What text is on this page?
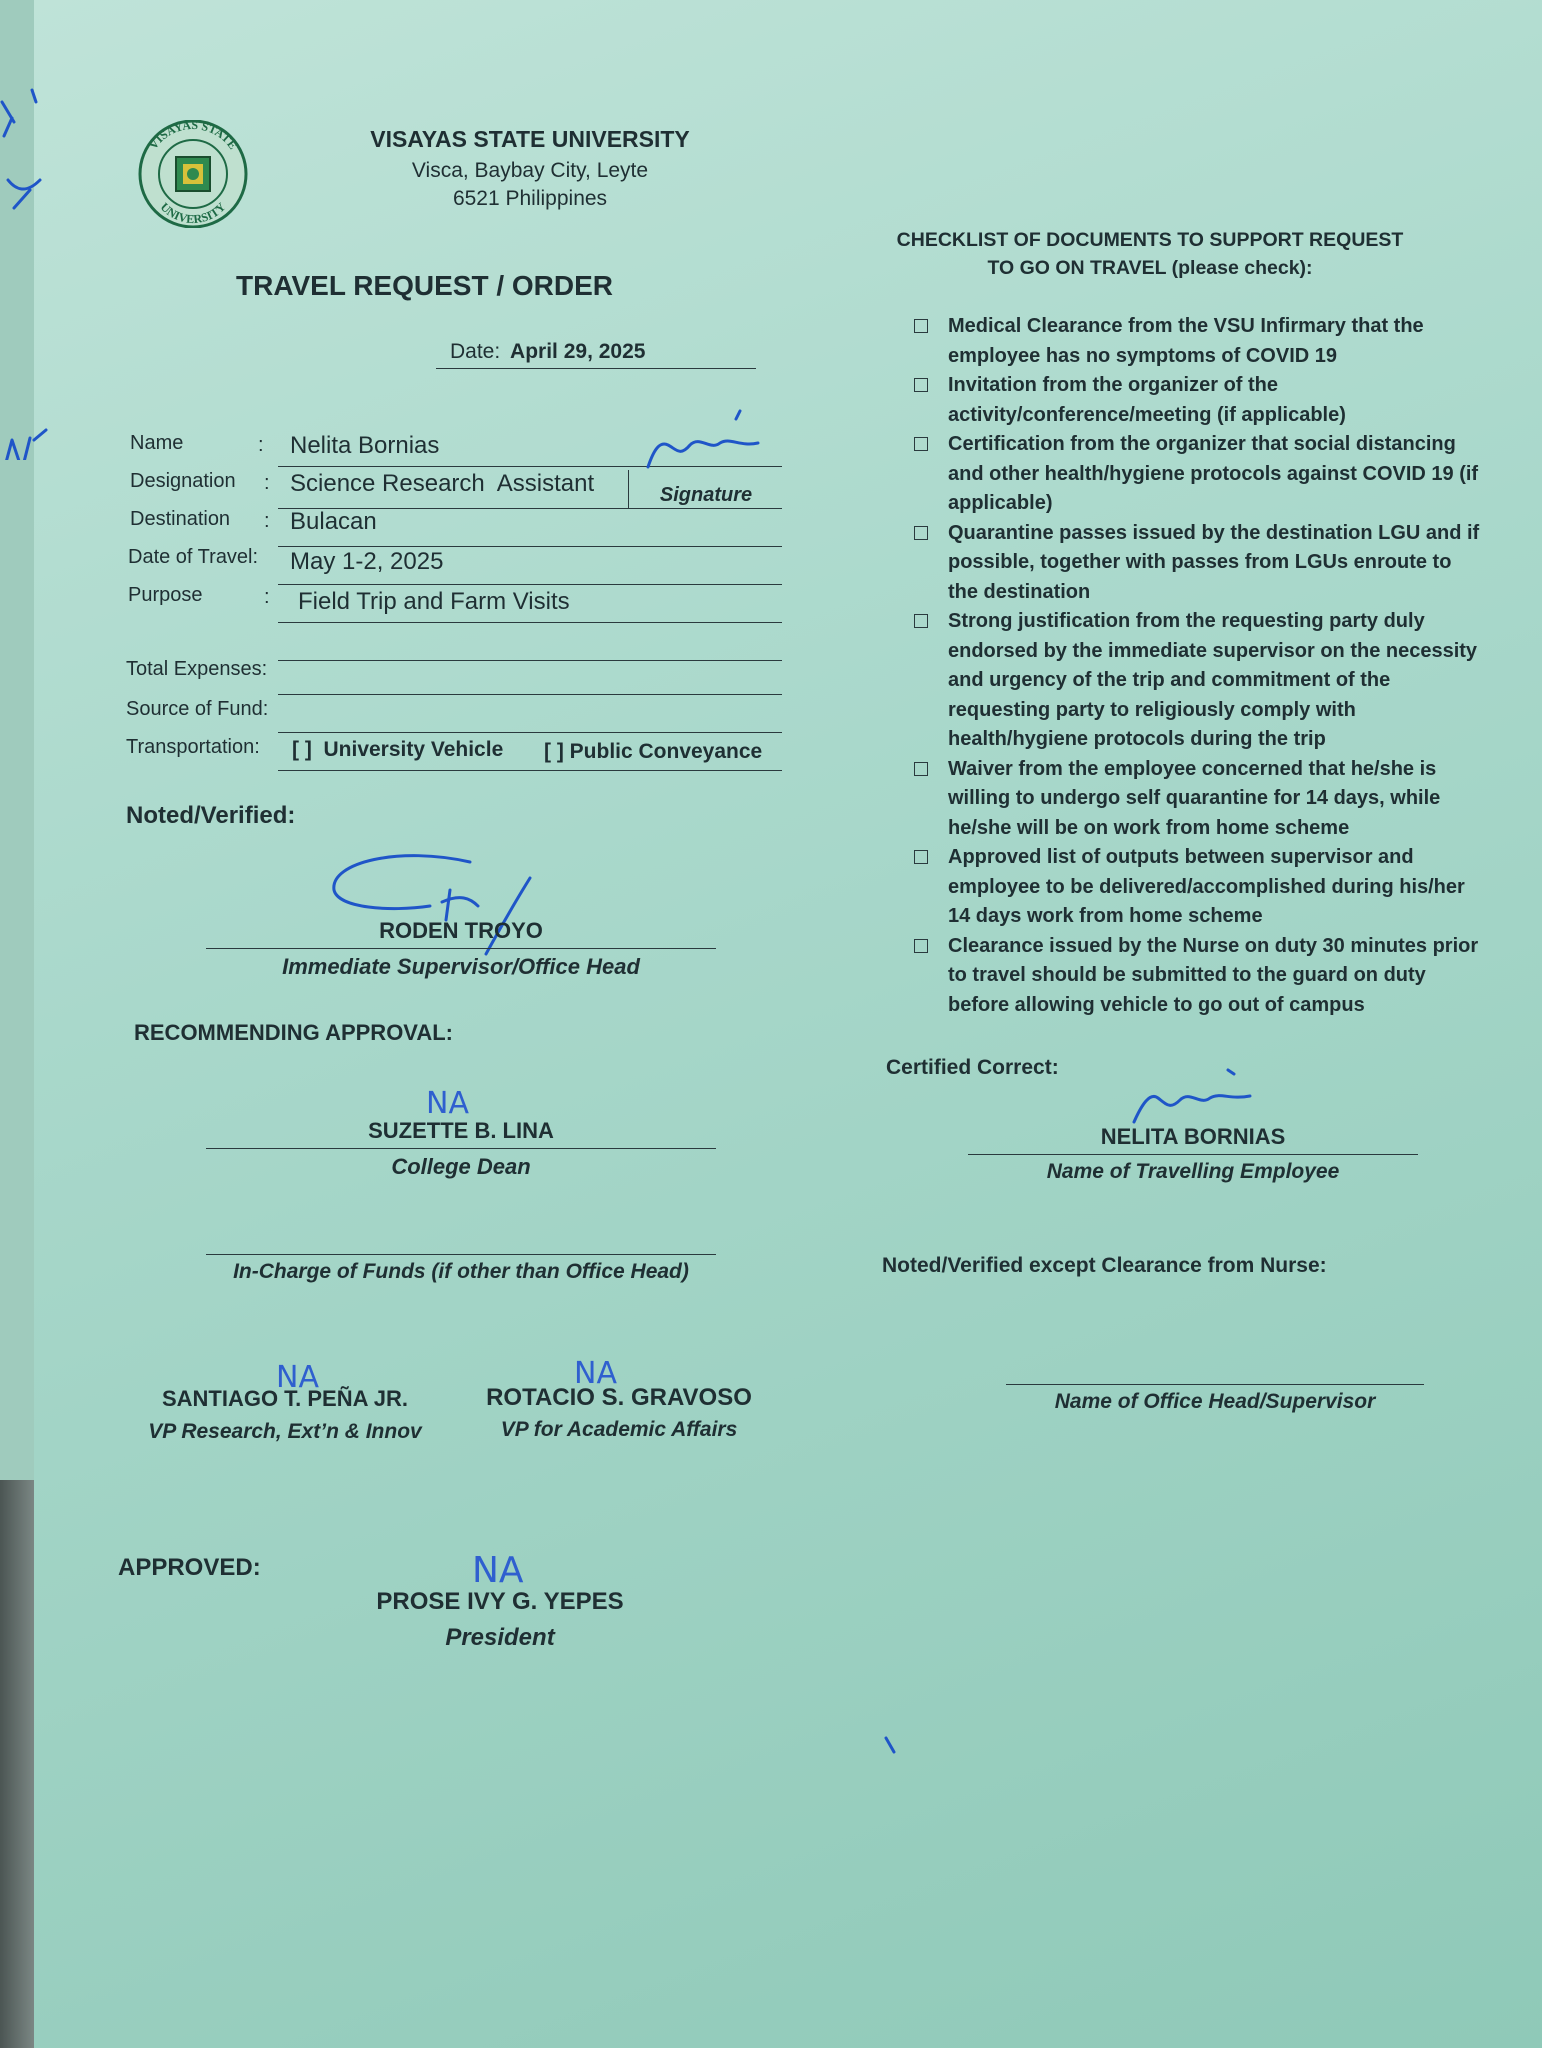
VISAYAS STATE
UNIVERSITY
VISAYAS STATE UNIVERSITY
Visca, Baybay City, Leyte
6521 Philippines
TRAVEL REQUEST / ORDER
Date: April 29, 2025
Name	: Nelita Bornias
Designation : Science Research  Assistant	Signature
Destination : Bulacan
Date of Travel: May 1-2, 2025
Purpose	: Field Trip and Farm Visits
Total Expenses:
Source of Fund:
Transportation: [ ]  University Vehicle [ ] Public Conveyance
Noted/Verified:
RODEN TROYO
Immediate Supervisor/Office Head
RECOMMENDING APPROVAL:
NA
SUZETTE B. LINA
College Dean
In-Charge of Funds (if other than Office Head)
NA
SANTIAGO T. PEÑA JR.
VP Research, Ext’n & Innov
NA
ROTACIO S. GRAVOSO
VP for Academic Affairs
APPROVED:	NA
PROSE IVY G. YEPES
President
CHECKLIST OF DOCUMENTS TO SUPPORT REQUEST
TO GO ON TRAVEL (please check):
Medical Clearance from the VSU Infirmary that the employee has no symptoms of COVID 19
Invitation from the organizer of the activity/conference/meeting (if applicable)
Certification from the organizer that social distancing and other health/hygiene protocols against COVID 19 (if applicable)
Quarantine passes issued by the destination LGU and if possible, together with passes from LGUs enroute to the destination
Strong justification from the requesting party duly endorsed by the immediate supervisor on the necessity and urgency of the trip and commitment of the requesting party to religiously comply with health/hygiene protocols during the trip
Waiver from the employee concerned that he/she is willing to undergo self quarantine for 14 days, while he/she will be on work from home scheme
Approved list of outputs between supervisor and employee to be delivered/accomplished during his/her 14 days work from home scheme
Clearance issued by the Nurse on duty 30 minutes prior to travel should be submitted to the guard on duty before allowing vehicle to go out of campus
Certified Correct:
NELITA BORNIAS
Name of Travelling Employee
Noted/Verified except Clearance from Nurse:
Name of Office Head/Supervisor
